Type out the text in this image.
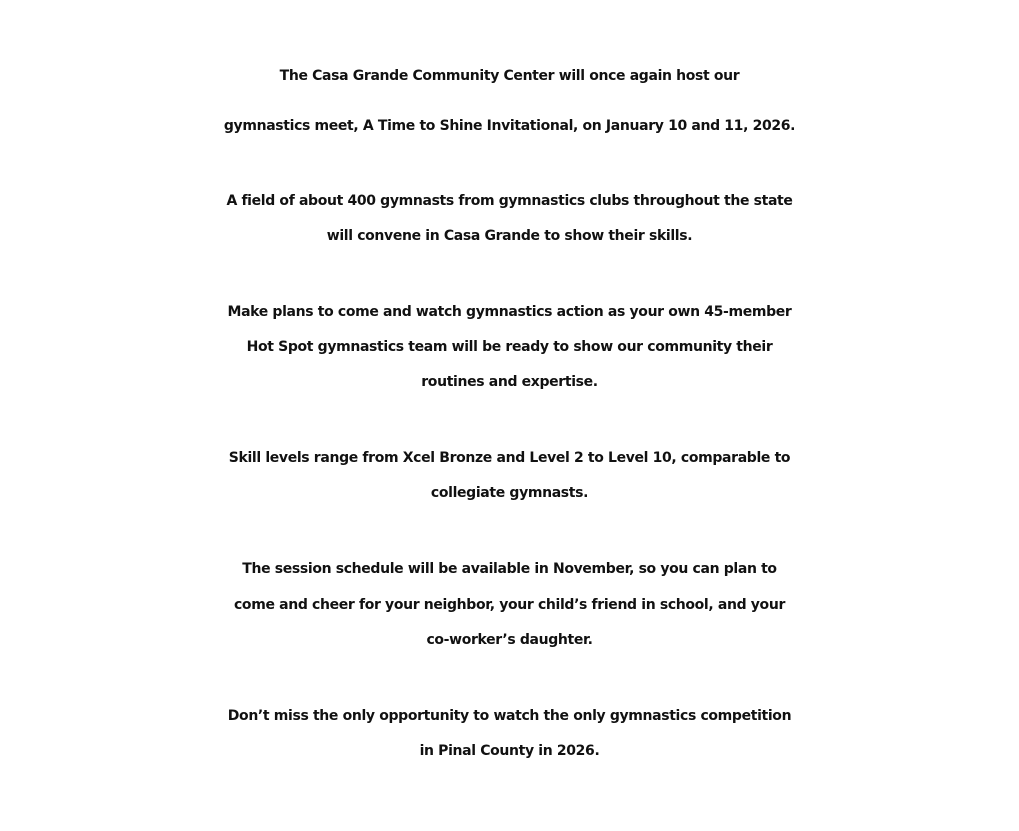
The Casa Grande Community Center will once again host our
gymnastics meet, A Time to Shine Invitational, on January 10 and 11, 2026.
A field of about 400 gymnasts from gymnastics clubs throughout the state
will convene in Casa Grande to show their skills.
Make plans to come and watch gymnastics action as your own 45-member
Hot Spot gymnastics team will be ready to show our community their
routines and expertise.
Skill levels range from Xcel Bronze and Level 2 to Level 10, comparable to
collegiate gymnasts.
The session schedule will be available in November, so you can plan to
come and cheer for your neighbor, your child’s friend in school, and your
co-worker’s daughter.
Don’t miss the only opportunity to watch the only gymnastics competition
in Pinal County in 2026.
